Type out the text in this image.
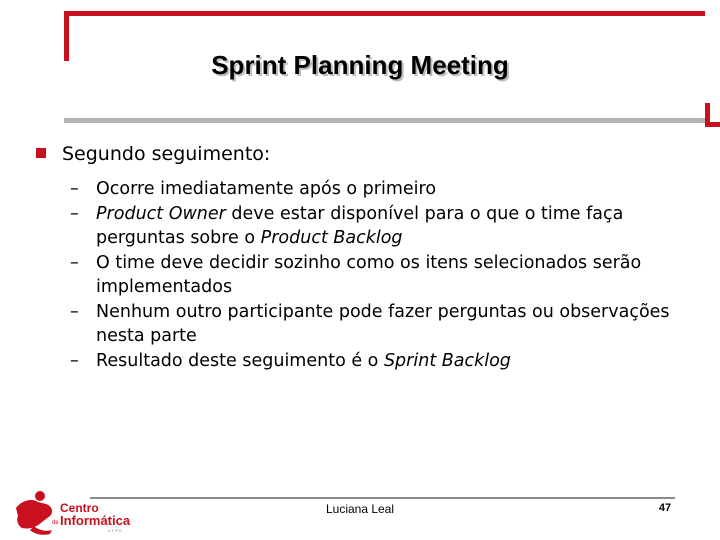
Sprint Planning Meeting
Segundo seguimento:
– Ocorre imediatamente após o primeiro
– Product Owner deve estar disponível para o que o time faça perguntas sobre o Product Backlog
– O time deve decidir sozinho como os itens selecionados serão implementados
– Nenhum outro participante pode fazer perguntas ou observações nesta parte
– Resultado deste seguimento é o Sprint Backlog
Centro
de Informática
U F P E
Luciana Leal	47
